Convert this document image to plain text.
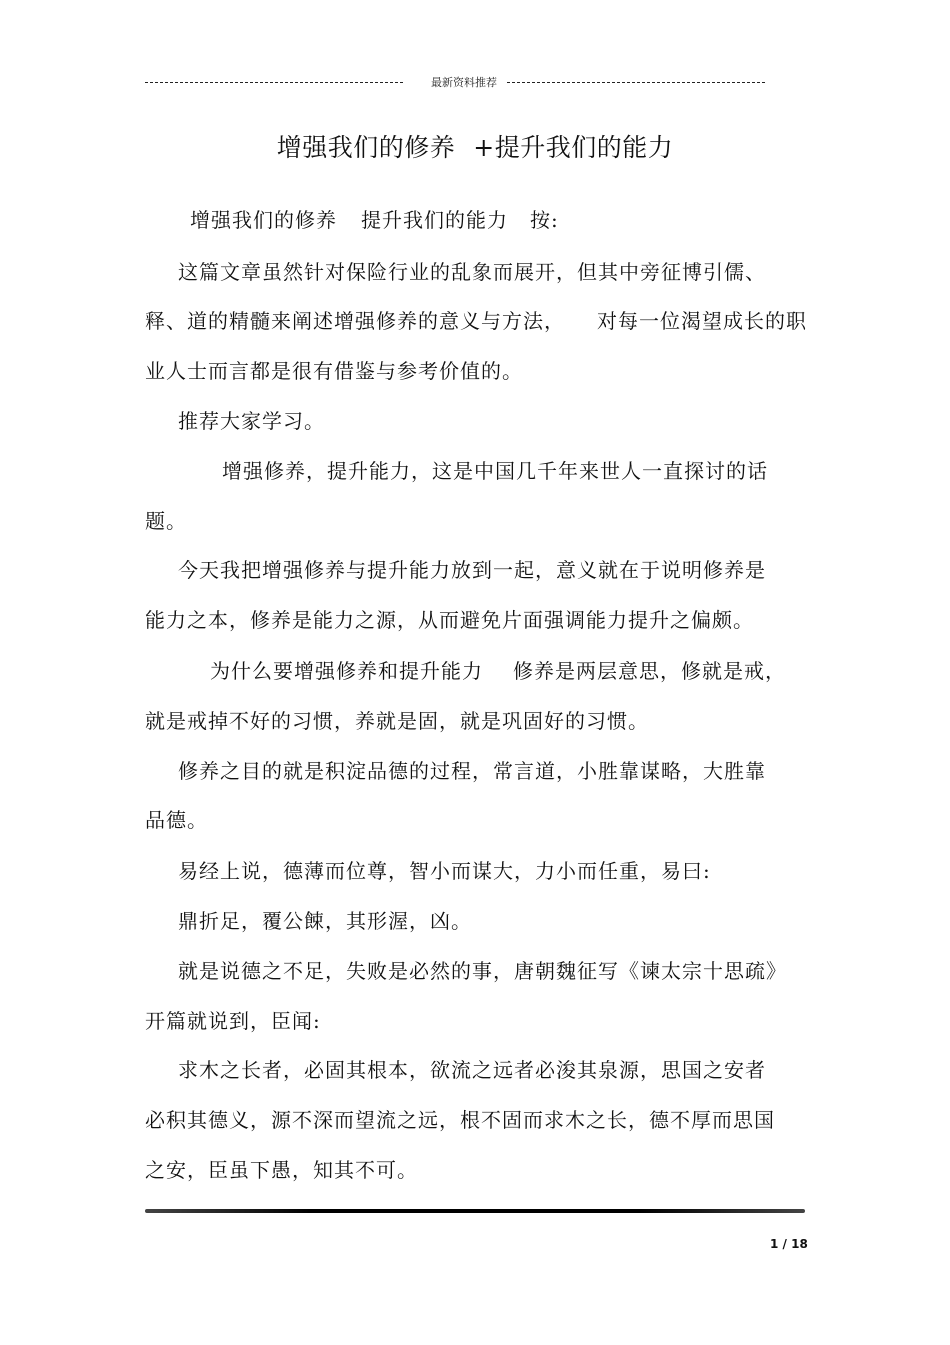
最新资料推荐
增强我们的修养 +提升我们的能力
增强我们的修养 提升我们的能力 按:
这篇文章虽然针对保险行业的乱象而展开，但其中旁征博引儒、
释、道的精髓来阐述增强修养的意义与方法， 对每一位渴望成长的职
业人士而言都是很有借鉴与参考价值的。
推荐大家学习。
增强修养，提升能力，这是中国几千年来世人一直探讨的话
题。
今天我把增强修养与提升能力放到一起，意义就在于说明修养是
能力之本，修养是能力之源，从而避免片面强调能力提升之偏颇。
为什么要增强修养和提升能力 修养是两层意思，修就是戒，
就是戒掉不好的习惯，养就是固，就是巩固好的习惯。
修养之目的就是积淀品德的过程，常言道，小胜靠谋略，大胜靠
品德。
易经上说，德薄而位尊，智小而谋大，力小而任重，易曰:
鼎折足，覆公餗，其形渥，凶。
就是说德之不足，失败是必然的事，唐朝魏征写《谏太宗十思疏》
开篇就说到，臣闻:
求木之长者，必固其根本，欲流之远者必浚其泉源，思国之安者
必积其德义，源不深而望流之远，根不固而求木之长，德不厚而思国
之安，臣虽下愚，知其不可。
1 / 18
